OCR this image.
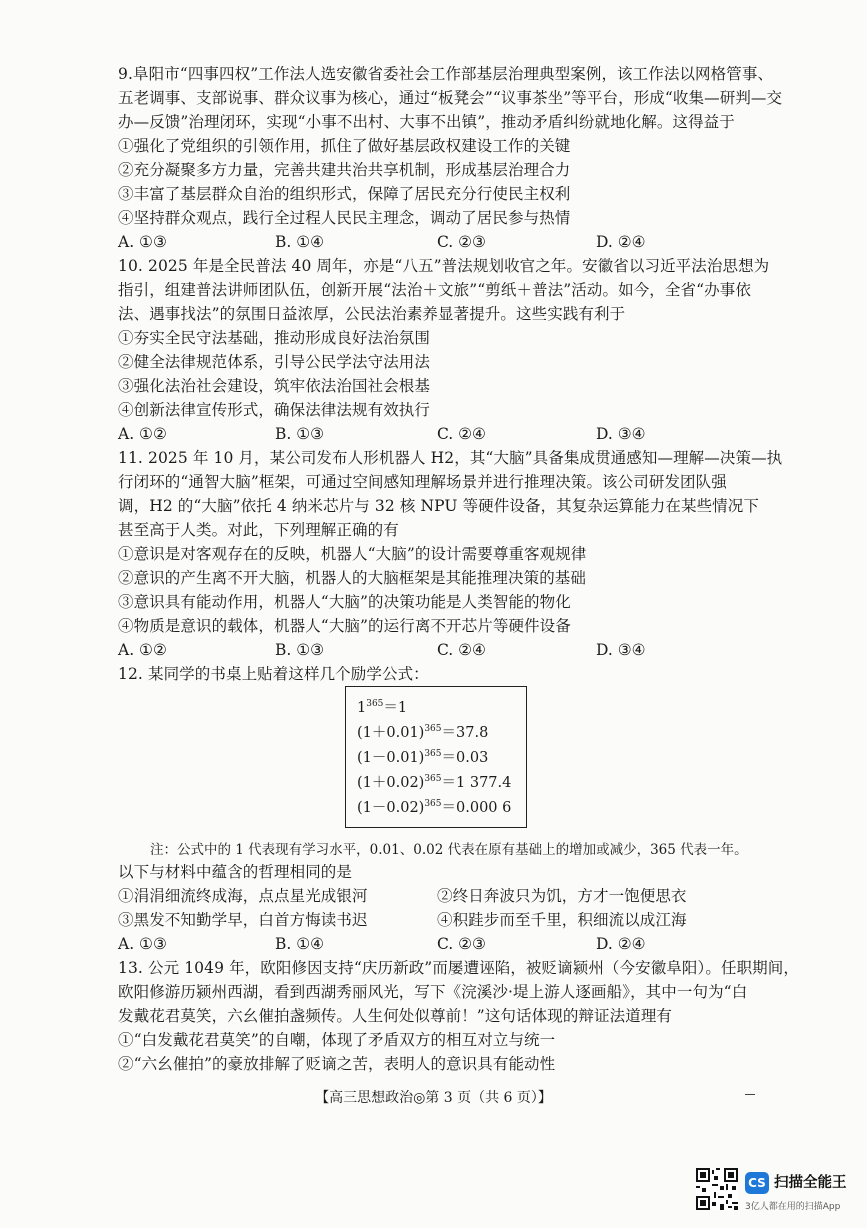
9.阜阳市“四事四权”工作法人选安徽省委社会工作部基层治理典型案例，该工作法以网格管事、
五老调事、支部说事、群众议事为核心，通过“板凳会”“议事茶坐”等平台，形成“收集—研判—交
办—反馈”治理闭环，实现“小事不出村、大事不出镇”，推动矛盾纠纷就地化解。这得益于
①强化了党组织的引领作用，抓住了做好基层政权建设工作的关键
②充分凝聚多方力量，完善共建共治共享机制，形成基层治理合力
③丰富了基层群众自治的组织形式，保障了居民充分行使民主权利
④坚持群众观点，践行全过程人民民主理念，调动了居民参与热情
A. ①③	B. ①④	C. ②③	D. ②④
10. 2025 年是全民普法 40 周年，亦是“八五”普法规划收官之年。安徽省以习近平法治思想为
指引，组建普法讲师团队伍，创新开展“法治＋文旅”“剪纸＋普法”活动。如今，全省“办事依
法、遇事找法”的氛围日益浓厚，公民法治素养显著提升。这些实践有利于
①夯实全民守法基础，推动形成良好法治氛围
②健全法律规范体系，引导公民学法守法用法
③强化法治社会建设，筑牢依法治国社会根基
④创新法律宣传形式，确保法律法规有效执行
A. ①②	B. ①③	C. ②④	D. ③④
11. 2025 年 10 月，某公司发布人形机器人 H2，其“大脑”具备集成贯通感知—理解—决策—执
行闭环的“通智大脑”框架，可通过空间感知理解场景并进行推理决策。该公司研发团队强
调，H2 的“大脑”依托 4 纳米芯片与 32 核 NPU 等硬件设备，其复杂运算能力在某些情况下
甚至高于人类。对此，下列理解正确的有
①意识是对客观存在的反映，机器人“大脑”的设计需要尊重客观规律
②意识的产生离不开大脑，机器人的大脑框架是其能推理决策的基础
③意识具有能动作用，机器人“大脑”的决策功能是人类智能的物化
④物质是意识的载体，机器人“大脑”的运行离不开芯片等硬件设备
A. ①②	B. ①③	C. ②④	D. ③④
12. 某同学的书桌上贴着这样几个励学公式：
$1^{365}=1$
$(1+0.01)^{365}=37.8$
$(1-0.01)^{365}=0.03$
$(1+0.02)^{365}=1$ 377.4
$(1-0.02)^{365}=0.000$ 6
注：公式中的 1 代表现有学习水平，0.01、0.02 代表在原有基础上的增加或减少，365 代表一年。
以下与材料中蕴含的哲理相同的是
①涓涓细流终成海，点点星光成银河	②终日奔波只为饥，方才一饱便思衣
③黑发不知勤学早，白首方悔读书迟	④积跬步而至千里，积细流以成江海
A. ①③	B. ①④	C. ②③	D. ②④
13. 公元 1049 年，欧阳修因支持“庆历新政”而屡遭诬陷，被贬谪颍州（今安徽阜阳）。任职期间，
欧阳修游历颍州西湖，看到西湖秀丽风光，写下《浣溪沙·堤上游人逐画船》，其中一句为“白
发戴花君莫笑，六幺催拍盏频传。人生何处似尊前！”这句话体现的辩证法道理有
①“白发戴花君莫笑”的自嘲，体现了矛盾双方的相互对立与统一
②“六幺催拍”的豪放排解了贬谪之苦，表明人的意识具有能动性
【高三思想政治◎第 3 页（共 6 页）】
CS 扫描全能王
3亿人都在用的扫描App
